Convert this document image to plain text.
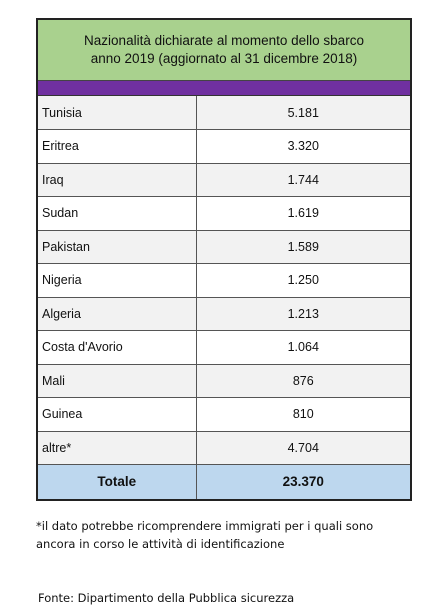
Nazionalità dichiarate al momento dello sbarco
anno 2019 (aggiornato al 31 dicembre 2018)
Tunisia	5.181
Eritrea	3.320
Iraq	1.744
Sudan	1.619
Pakistan	1.589
Nigeria	1.250
Algeria	1.213
Costa d'Avorio	1.064
Mali	876
Guinea	810
altre*	4.704
Totale	23.370
*il dato potrebbe ricomprendere immigrati per i quali sono ancora in corso le attività di identificazione
Fonte: Dipartimento della Pubblica sicurezza
